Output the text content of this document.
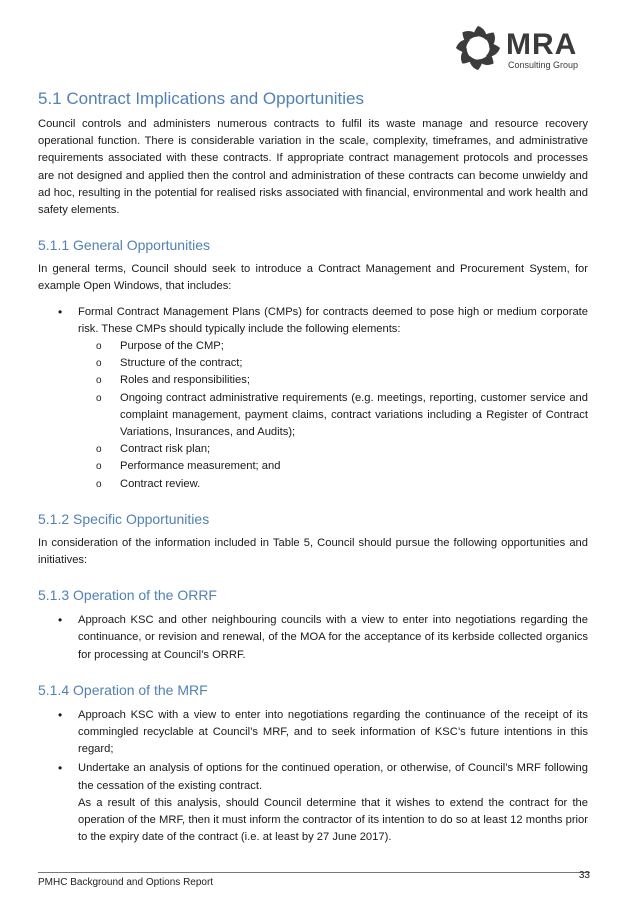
MRA
Consulting Group
5.1 Contract Implications and Opportunities

Council controls and administers numerous contracts to fulfil its waste manage and resource recovery operational function. There is considerable variation in the scale, complexity, timeframes, and administrative requirements associated with these contracts. If appropriate contract management protocols and processes are not designed and applied then the control and administration of these contracts can become unwieldy and ad hoc, resulting in the potential for realised risks associated with financial, environmental and work health and safety elements.

5.1.1 General Opportunities

In general terms, Council should seek to introduce a Contract Management and Procurement System, for example Open Windows, that includes:

• Formal Contract Management Plans (CMPs) for contracts deemed to pose high or medium corporate risk. These CMPs should typically include the following elements:
o Purpose of the CMP;
o Structure of the contract;
o Roles and responsibilities;
o Ongoing contract administrative requirements (e.g. meetings, reporting, customer service and complaint management, payment claims, contract variations including a Register of Contract Variations, Insurances, and Audits);
o Contract risk plan;
o Performance measurement; and
o Contract review.
5.1.2 Specific Opportunities

In consideration of the information included in Table 5, Council should pursue the following opportunities and initiatives:

5.1.3 Operation of the ORRF
• Approach KSC and other neighbouring councils with a view to enter into negotiations regarding the continuance, or revision and renewal, of the MOA for the acceptance of its kerbside collected organics for processing at Council’s ORRF.
5.1.4 Operation of the MRF
• Approach KSC with a view to enter into negotiations regarding the continuance of the receipt of its commingled recyclable at Council’s MRF, and to seek information of KSC’s future intentions in this regard;
• Undertake an analysis of options for the continued operation, or otherwise, of Council’s MRF following the cessation of the existing contract.
As a result of this analysis, should Council determine that it wishes to extend the contract for the operation of the MRF, then it must inform the contractor of its intention to do so at least 12 months prior to the expiry date of the contract (i.e. at least by 27 June 2017).
PMHC Background and Options Report
33
